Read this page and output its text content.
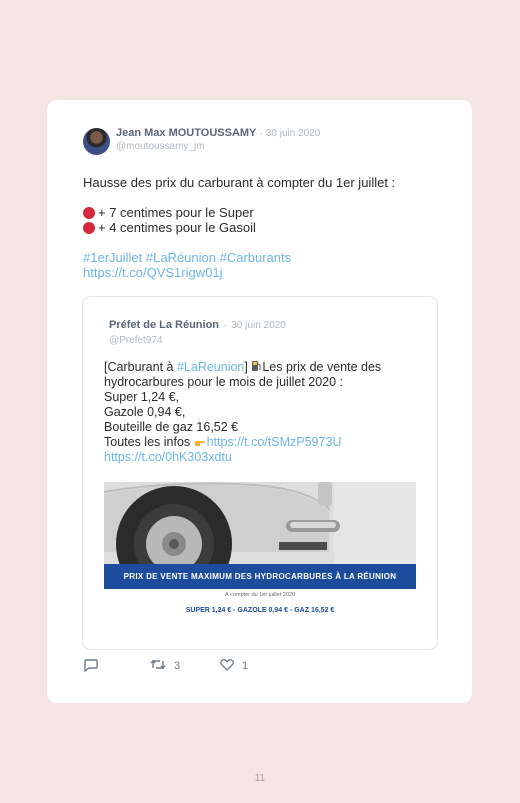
Jean Max MOUTOUSSAMY · 30 juin 2020
@moutoussamy_jm
Hausse des prix du carburant à compter du 1er juillet :
+ 7 centimes pour le Super
+ 4 centimes pour le Gasoil
#1erJuillet #LaRéunion #Carburants
https://t.co/QVS1rigw01j
Préfet de La Réunion · 30 juin 2020
@Prefet974
[Carburant à #LaReunion] Les prix de vente des
hydrocarbures pour le mois de juillet 2020 :
Super 1,24 €,
Gazole 0,94 €,
Bouteille de gaz 16,52 €
Toutes les infos https://t.co/tSMzP5973U
https://t.co/0hK303xdtu
PRIX DE VENTE MAXIMUM DES HYDROCARBURES À LA RÉUNION
À compter du 1er juillet 2020
SUPER 1,24 € - GAZOLE 0,94 € - GAZ 16,52 €
3	1
11
